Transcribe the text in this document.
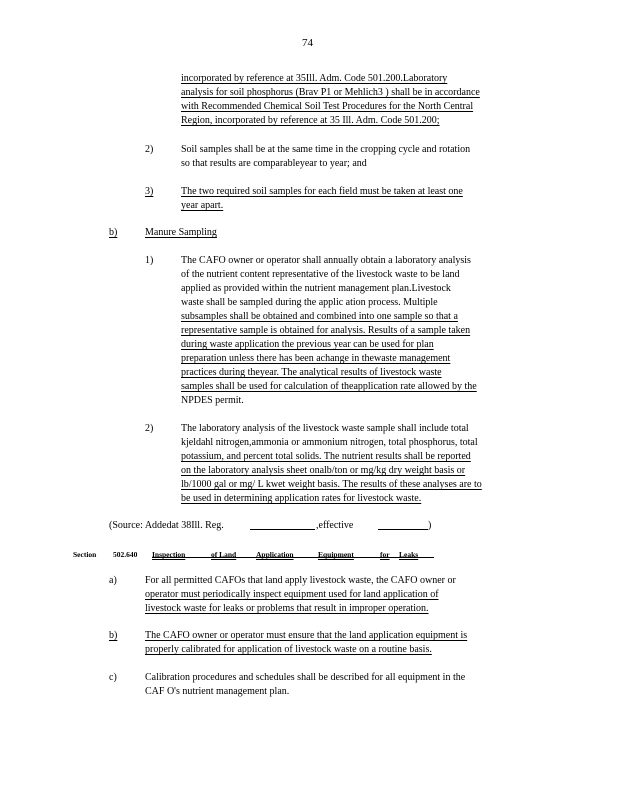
74
incorporated by reference at 35Ill. Adm. Code 501.200.Laboratory
analysis for soil phosphorus (Brav P1 or Mehlich3 ) shall be in accordance
with Recommended Chemical Soil Test Procedures for the North Central
Region, incorporated by reference at 35 Ill. Adm. Code 501.200;
2)	Soil samples shall be at the same time in the cropping cycle and rotation
so that results are comparableyear to year; and
3)	The two required soil samples for each field must be taken at least one
year apart.
b)	Manure Sampling
1)	The CAFO owner or operator shall annually obtain a laboratory analysis
of the nutrient content representative of the livestock waste to be land
applied as provided within the nutrient management plan.Livestock
waste shall be sampled during the applic ation process. Multiple
subsamples shall be obtained and combined into one sample so that a
representative sample is obtained for analysis. Results of a sample taken
during waste application the previous year can be used for plan
preparation unless there has been achange in thewaste management
practices during theyear. The analytical results of livestock waste
samples shall be used for calculation of theapplication rate allowed by the
NPDES permit.
2)	The laboratory analysis of the livestock waste sample shall include total
kjeldahl nitrogen,ammonia or ammonium nitrogen, total phosphorus, total
potassium, and percent total solids. The nutrient results shall be reported
on the laboratory analysis sheet onalb/ton or mg/kg dry weight basis or
lb/1000 gal or mg/ L kwet weight basis. The results of these analyses are to
be used in determining application rates for livestock waste.
(Source: Addedat 38Ill. Reg.	,effective	)
Section 502.640 Inspection	of Land	Application	Equipment	for Leaks
a)	For all permitted CAFOs that land apply livestock waste, the CAFO owner or
operator must periodically inspect equipment used for land application of
livestock waste for leaks or problems that result in improper operation.
b)	The CAFO owner or operator must ensure that the land application equipment is
properly calibrated for application of livestock waste on a routine basis.
c)	Calibration procedures and schedules shall be described for all equipment in the
CAF O's nutrient management plan.
